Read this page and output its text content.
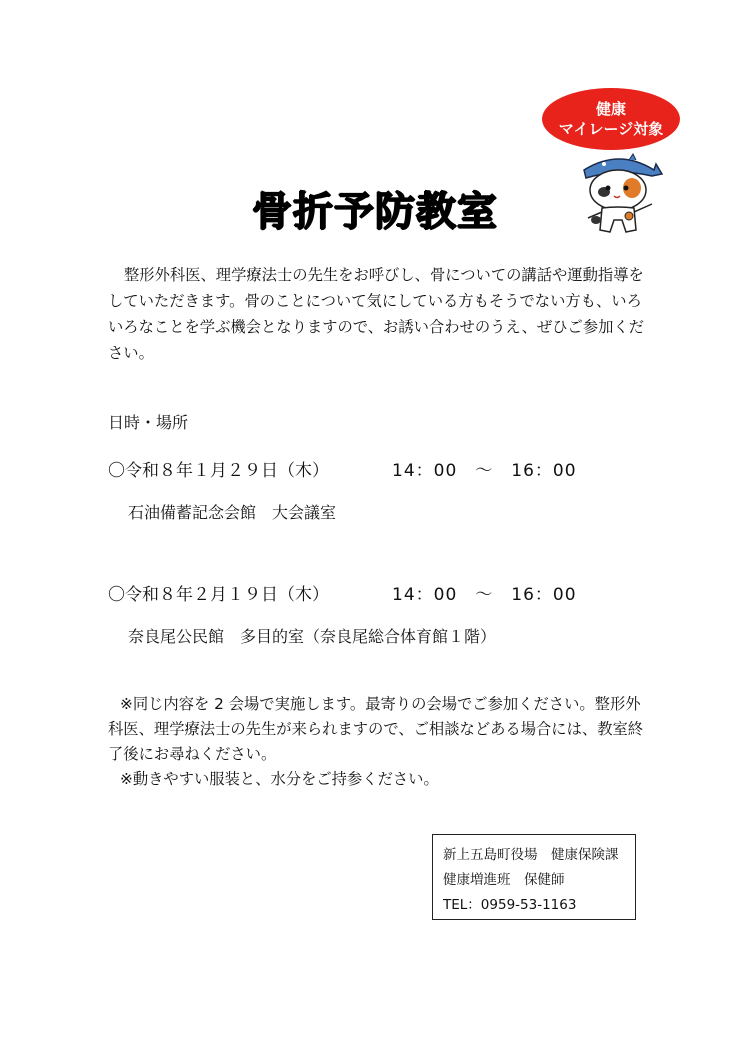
健康
マイレージ対象
骨折予防教室
整形外科医、理学療法士の先生をお呼びし、骨についての講話や運動指導をしていただきます。骨のことについて気にしている方もそうでない方も、いろいろなことを学ぶ機会となりますので、お誘い合わせのうえ、ぜひご参加ください。
日時・場所
〇令和８年１月２９日（木）	14：00　～　16：00
石油備蓄記念会館　大会議室
〇令和８年２月１９日（木）	14：00　～　16：00
奈良尾公民館　多目的室（奈良尾総合体育館１階）

※同じ内容を 2 会場で実施します。最寄りの会場でご参加ください。整形外科医、理学療法士の先生が来られますので、ご相談などある場合には、教室終了後にお尋ねください。

※動きやすい服装と、水分をご持参ください。

新上五島町役場　健康保険課
健康増進班　保健師
TEL：0959-53-1163
